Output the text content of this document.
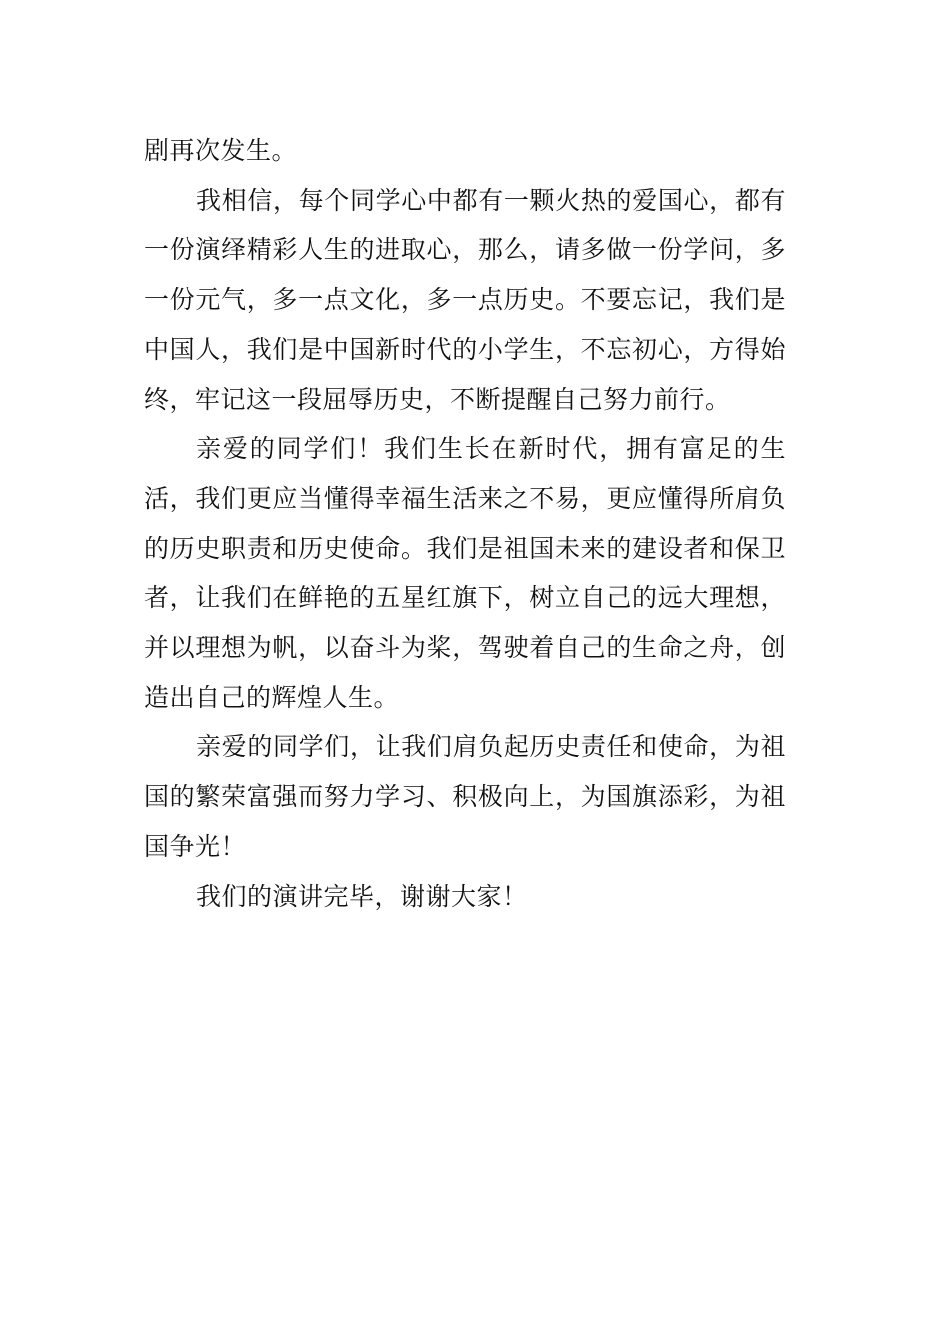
剧再次发生。

我相信，每个同学心中都有一颗火热的爱国心，都有一份演绎精彩人生的进取心，那么，请多做一份学问，多一份元气，多一点文化，多一点历史。不要忘记，我们是中国人，我们是中国新时代的小学生，不忘初心，方得始终，牢记这一段屈辱历史，不断提醒自己努力前行。

亲爱的同学们！我们生长在新时代，拥有富足的生活，我们更应当懂得幸福生活来之不易，更应懂得所肩负的历史职责和历史使命。我们是祖国未来的建设者和保卫者，让我们在鲜艳的五星红旗下，树立自己的远大理想，并以理想为帆，以奋斗为桨，驾驶着自己的生命之舟，创造出自己的辉煌人生。

亲爱的同学们，让我们肩负起历史责任和使命，为祖国的繁荣富强而努力学习、积极向上，为国旗添彩，为祖国争光！

我们的演讲完毕，谢谢大家！
